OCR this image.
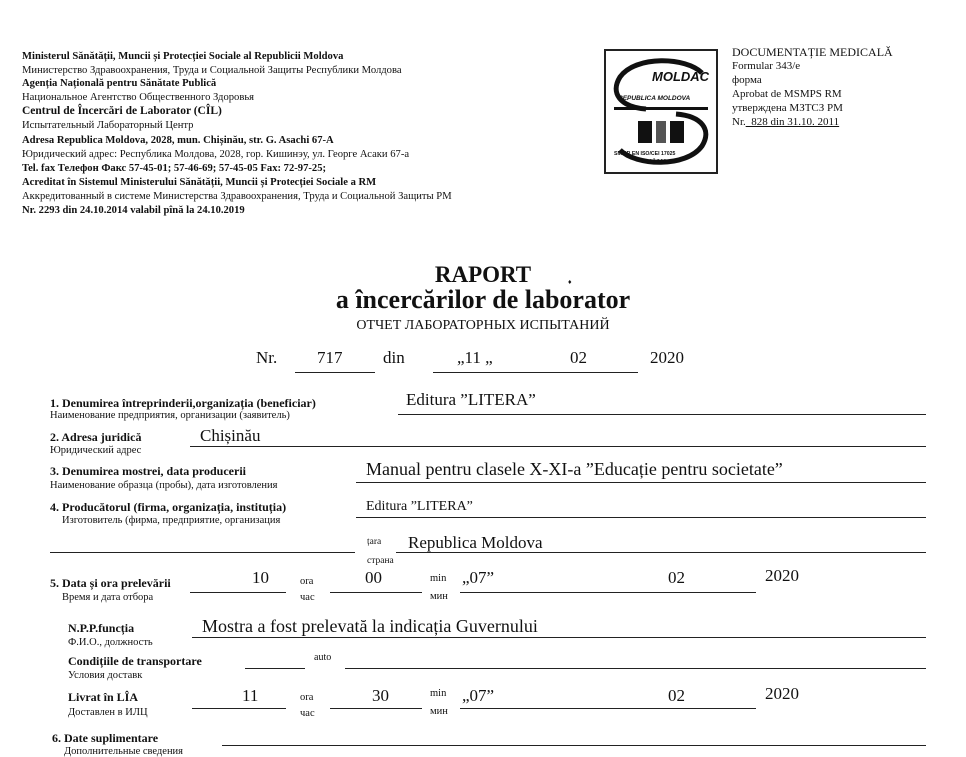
Ministerul Sănătății, Muncii și Protecției Sociale al Republicii Moldova
Министерство Здравоохранения, Труда и Социальной Защиты Республики Молдова
Agenția Națională pentru Sănătate Publică
Национальное Агентство Общественного Здоровья
Centrul de Încercări de Laborator (CÎL)
Испытательный Лабораторный Центр
Adresa Republica Moldova, 2028, mun. Chișinău, str. G. Asachi 67-A
Юридический адрес: Республика Молдова, 2028, гор. Кишинэу, ул. Георге Асаки 67-а
Tel. fax Телефон Факс 57-45-01; 57-46-69; 57-45-05 Fax: 72-97-25;
Acreditat în Sistemul Ministerului Sănătății, Muncii și Protecției Sociale a RM
Аккредитованный в системе Министерства Здравоохранения, Труда и Социальной Защиты РМ
Nr. 2293 din 24.10.2014 valabil pînă la 24.10.2019
MOLDAC
REPUBLICA MOLDOVA
SM SR EN ISO/CEI 17025
LÎ-044
DOCUMENTAȚIE MEDICALĂ
Formular 343/e
форма
Aprobat de MSMPS RM
утверждена МЗТСЗ РМ
Nr._828 din 31.10. 2011
RAPORT	♦
a încercărilor de laborator
ОТЧЕТ ЛАБОРАТОРНЫХ ИСПЫТАНИЙ
Nr. 717 din	„11 „	02	2020
1. Denumirea întreprinderii,organizația (beneficiar)
Наименование предприятия, организации (заявитель)
Editura ”LITERA”
2. Adresa juridică
Юридический адрес
Chișinău
3. Denumirea mostrei, data producerii
Наименование образца (пробы), дата изготовления
Manual pentru clasele X-XI-a ”Educație pentru societate”
4. Producătorul (firma, organizația, instituția)
Изготовитель (фирма, предприятие, организация
Editura ”LITERA”
țara Republica Moldova
страна
5. Data și ora prelevării
Время и дата отбора
10	ora
час
00	min
мин
„07”	02	2020
N.P.P.funcția
Ф.И.О., должность
Mostra a fost prelevată la indicația Guvernului
Condițiile de transportare
Условия доставк
auto
Livrat în LÎA
Доставлен в ИЛЦ
11	ora
час
30	min
мин
„07”	02	2020
6. Date suplimentare
Дополнительные сведения
